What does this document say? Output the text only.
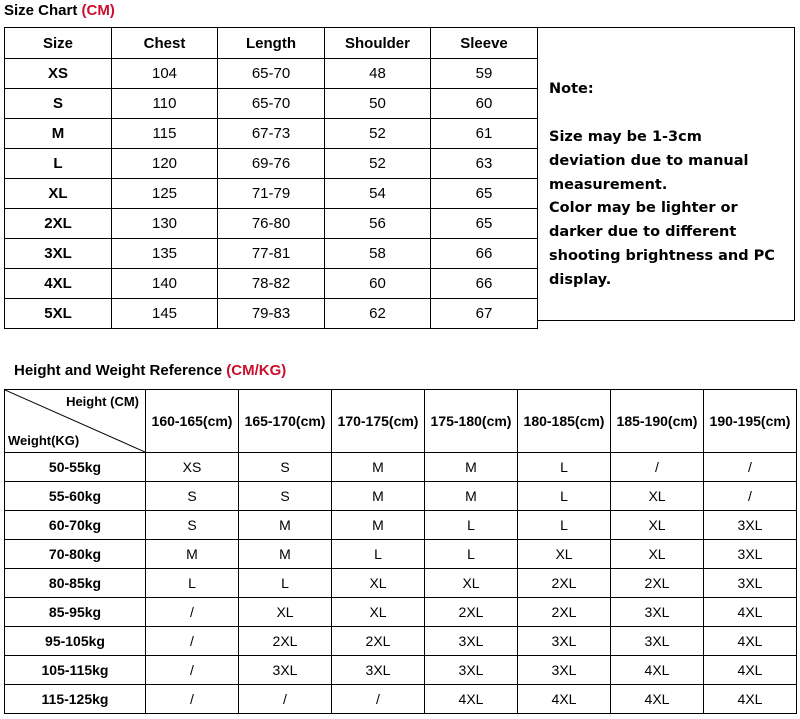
Size Chart (CM)
Size	Chest	Length	Shoulder	Sleeve
XS	104	65-70	48	59
S	110	65-70	50	60
M	115	67-73	52	61
L	120	69-76	52	63
XL	125	71-79	54	65
2XL	130	76-80	56	65
3XL	135	77-81	58	66
4XL	140	78-82	60	66
5XL	145	79-83	62	67
Note:
Size may be 1-3cm deviation due to manual measurement.
Color may be lighter or darker due to different shooting brightness and PC display.
Height and Weight Reference (CM/KG)
Height (CM)
Weight(KG)	160-165(cm)	165-170(cm)	170-175(cm)	175-180(cm)	180-185(cm)	185-190(cm)	190-195(cm)
50-55kg	XS	S	M	M	L	/	/
55-60kg	S	S	M	M	L	XL	/
60-70kg	S	M	M	L	L	XL	3XL
70-80kg	M	M	L	L	XL	XL	3XL
80-85kg	L	L	XL	XL	2XL	2XL	3XL
85-95kg	/	XL	XL	2XL	2XL	3XL	4XL
95-105kg	/	2XL	2XL	3XL	3XL	3XL	4XL
105-115kg	/	3XL	3XL	3XL	3XL	4XL	4XL
115-125kg	/	/	/	4XL	4XL	4XL	4XL
